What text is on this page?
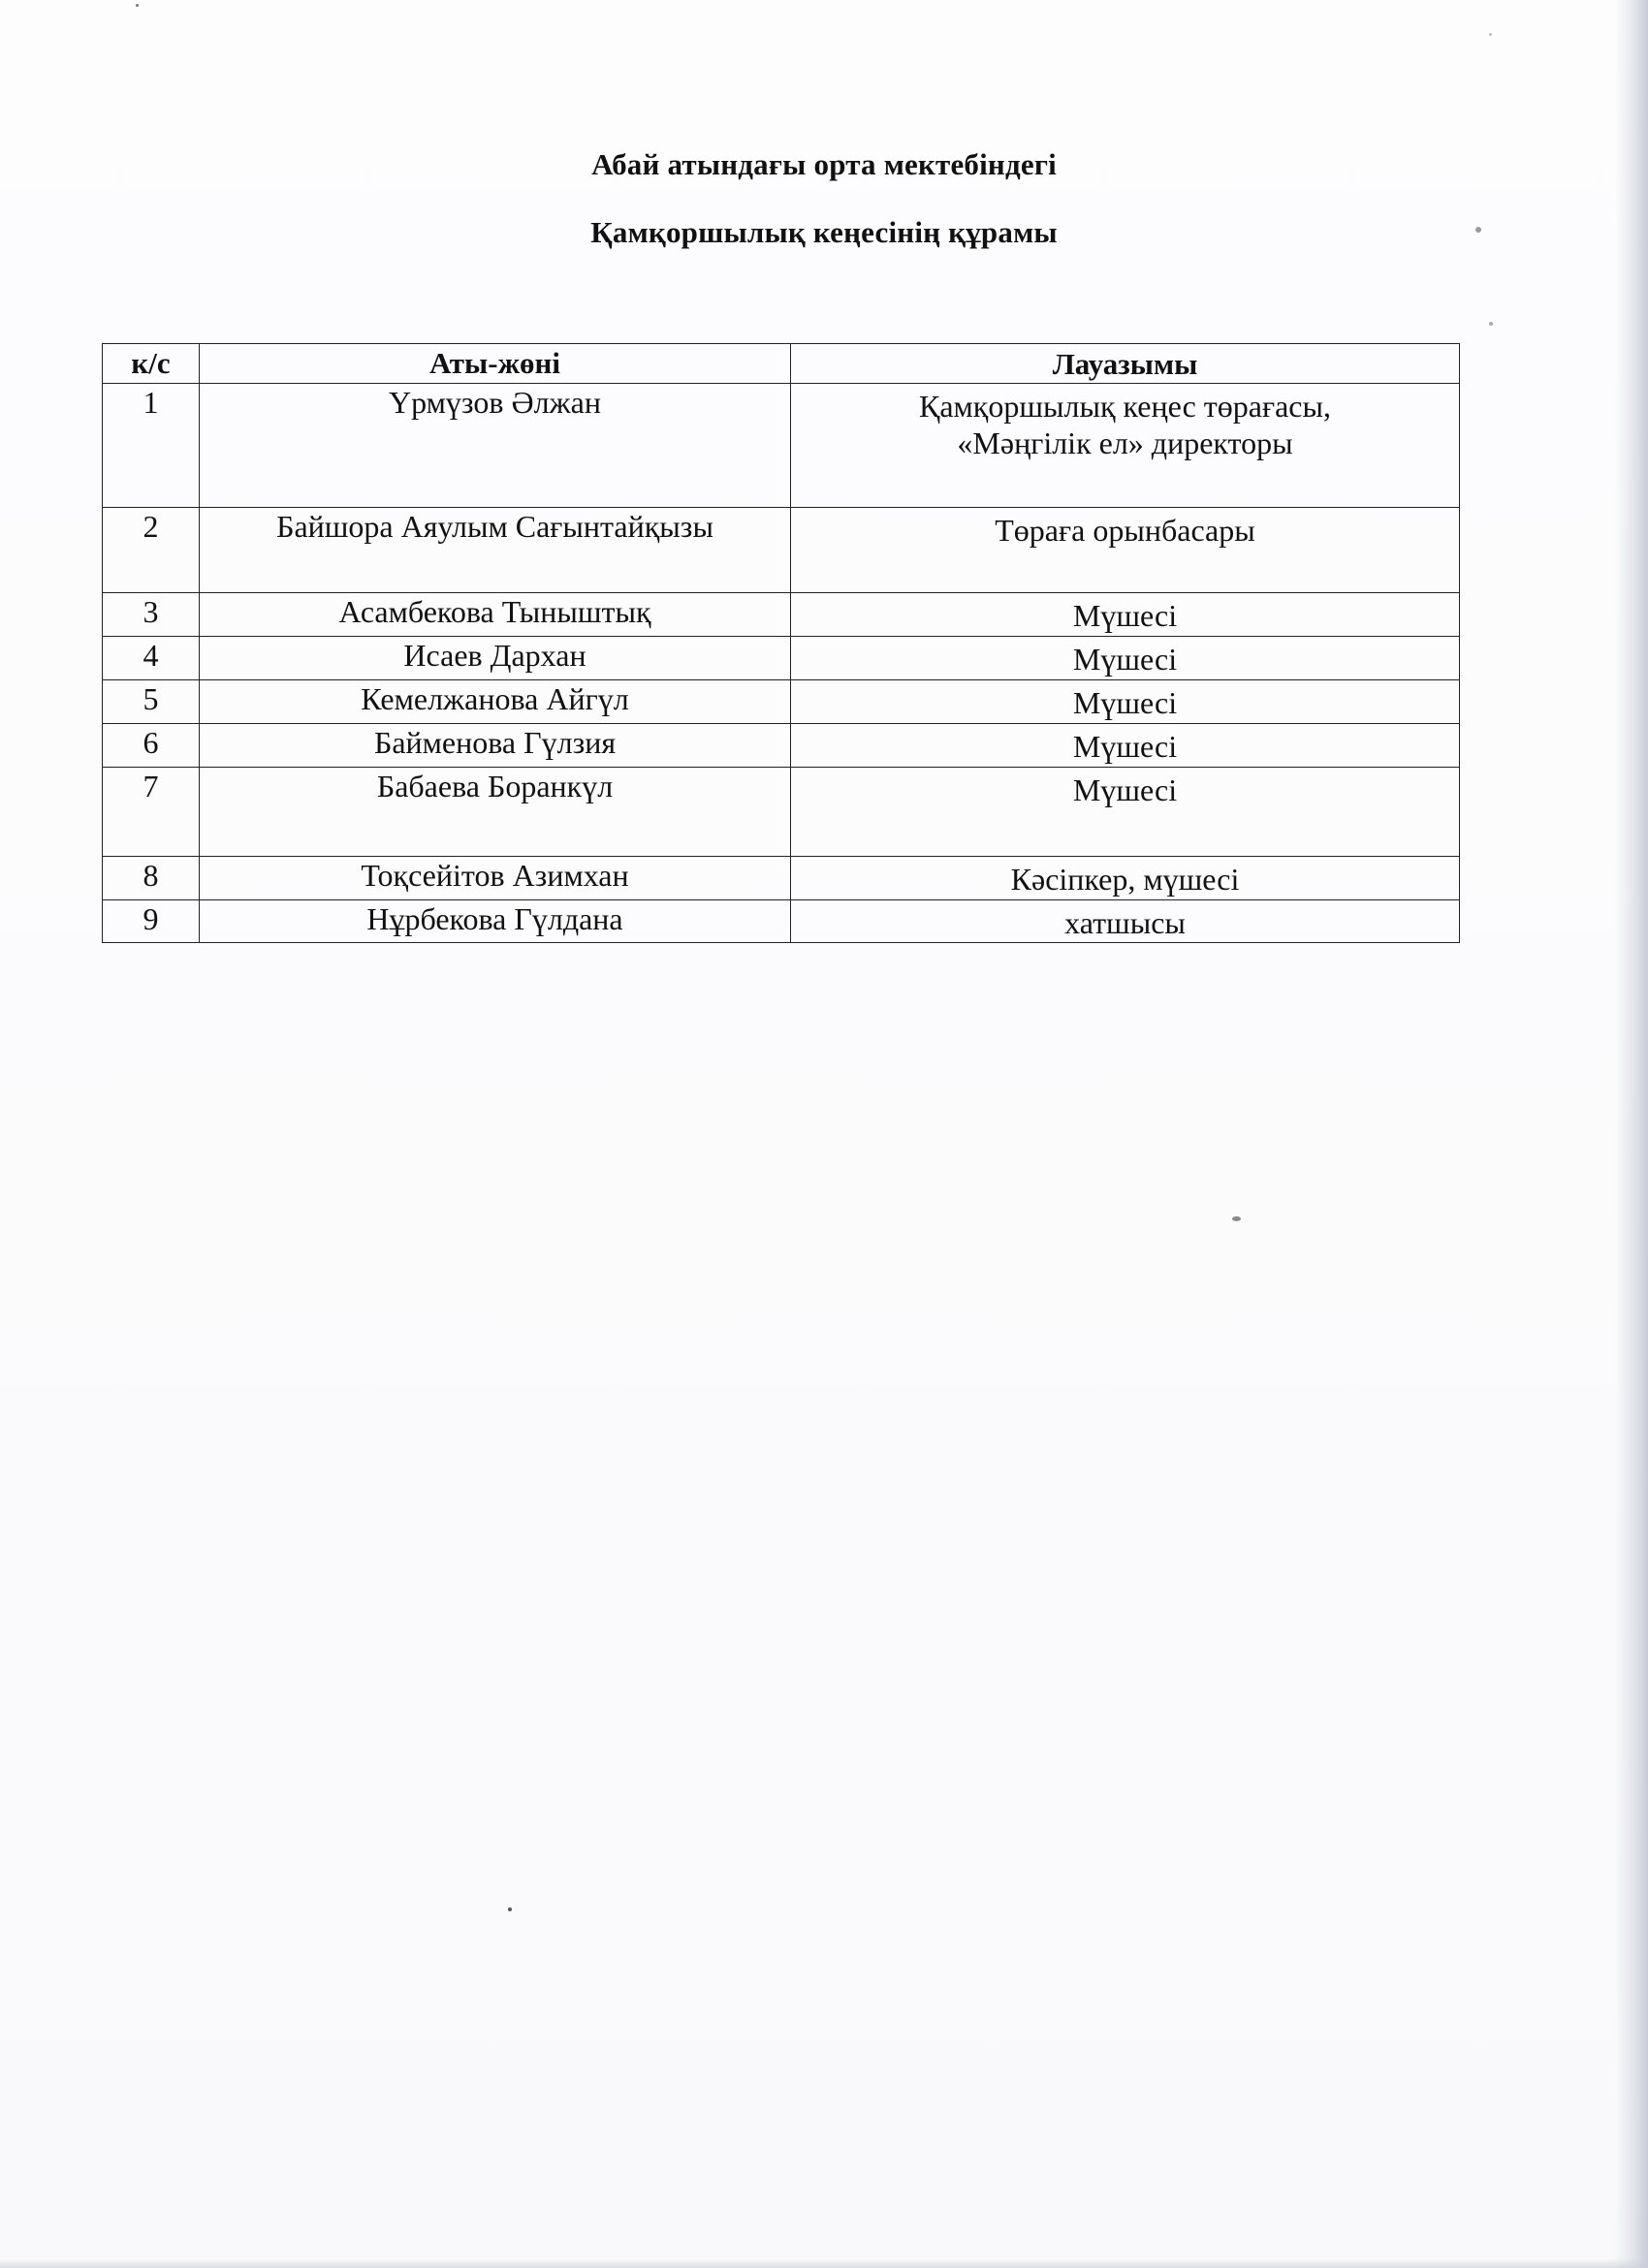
Абай атындағы орта мектебіндегі
Қамқоршылық кеңесінің құрамы
к/с	Аты-жөні	Лауазымы
1	Үрмүзов Әлжан	Қамқоршылық кеңес төрағасы,
«Мәңгілік ел» директоры

2	Байшора Аяулым Сағынтайқызы	Төраға орынбасары
3	Асамбекова Тыныштық	Мүшесі
4	Исаев Дархан	Мүшесі
5	Кемелжанова Айгүл	Мүшесі
6	Байменова Гүлзия	Мүшесі
7	Бабаева Боранкүл	Мүшесі
8	Тоқсейітов Азимхан	Кәсіпкер, мүшесі
9	Нұрбекова Гүлдана	хатшысы
